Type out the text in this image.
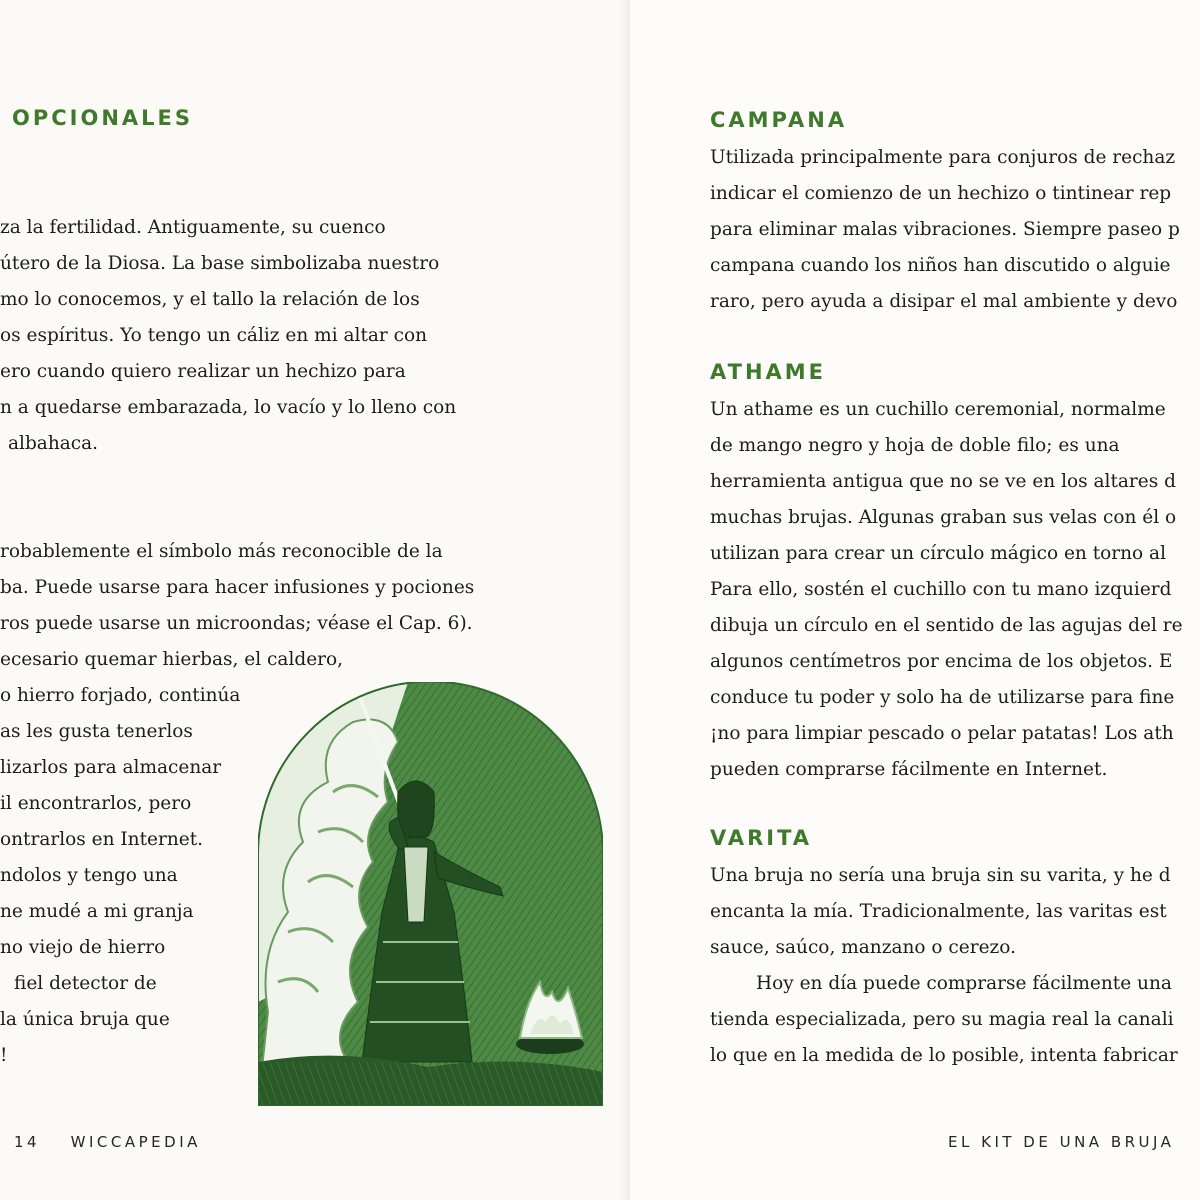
OPCIONALES
za la fertilidad. Antiguamente, su cuenco
útero de la Diosa. La base simbolizaba nuestro
mo lo conocemos, y el tallo la relación de los
os espíritus. Yo tengo un cáliz en mi altar con
ero cuando quiero realizar un hechizo para
n a quedarse embarazada, lo vacío y lo lleno con
albahaca.
robablemente el símbolo más reconocible de la
ba. Puede usarse para hacer infusiones y pociones
ros puede usarse un microondas; véase el Cap. 6).
ecesario quemar hierbas, el caldero,
o hierro forjado, continúa
as les gusta tenerlos
lizarlos para almacenar
il encontrarlos, pero
ontrarlos en Internet.
ndolos y tengo una
ne mudé a mi granja
no viejo de hierro
fiel detector de
la única bruja que
!
14 WICCAPEDIA
CAMPANA
Utilizada principalmente para conjuros de rechaz
indicar el comienzo de un hechizo o tintinear rep
para eliminar malas vibraciones. Siempre paseo p
campana cuando los niños han discutido o alguie
raro, pero ayuda a disipar el mal ambiente y devo
ATHAME
Un athame es un cuchillo ceremonial, normalme
de mango negro y hoja de doble filo; es una
herramienta antigua que no se ve en los altares d
muchas brujas. Algunas graban sus velas con él o
utilizan para crear un círculo mágico en torno al
Para ello, sostén el cuchillo con tu mano izquierd
dibuja un círculo en el sentido de las agujas del re
algunos centímetros por encima de los objetos. E
conduce tu poder y solo ha de utilizarse para fine
¡no para limpiar pescado o pelar patatas! Los ath
pueden comprarse fácilmente en Internet.
VARITA
Una bruja no sería una bruja sin su varita, y he d
encanta la mía. Tradicionalmente, las varitas est
sauce, saúco, manzano o cerezo.
Hoy en día puede comprarse fácilmente una
tienda especializada, pero su magia real la canali
lo que en la medida de lo posible, intenta fabricar
EL KIT DE UNA BRUJA
